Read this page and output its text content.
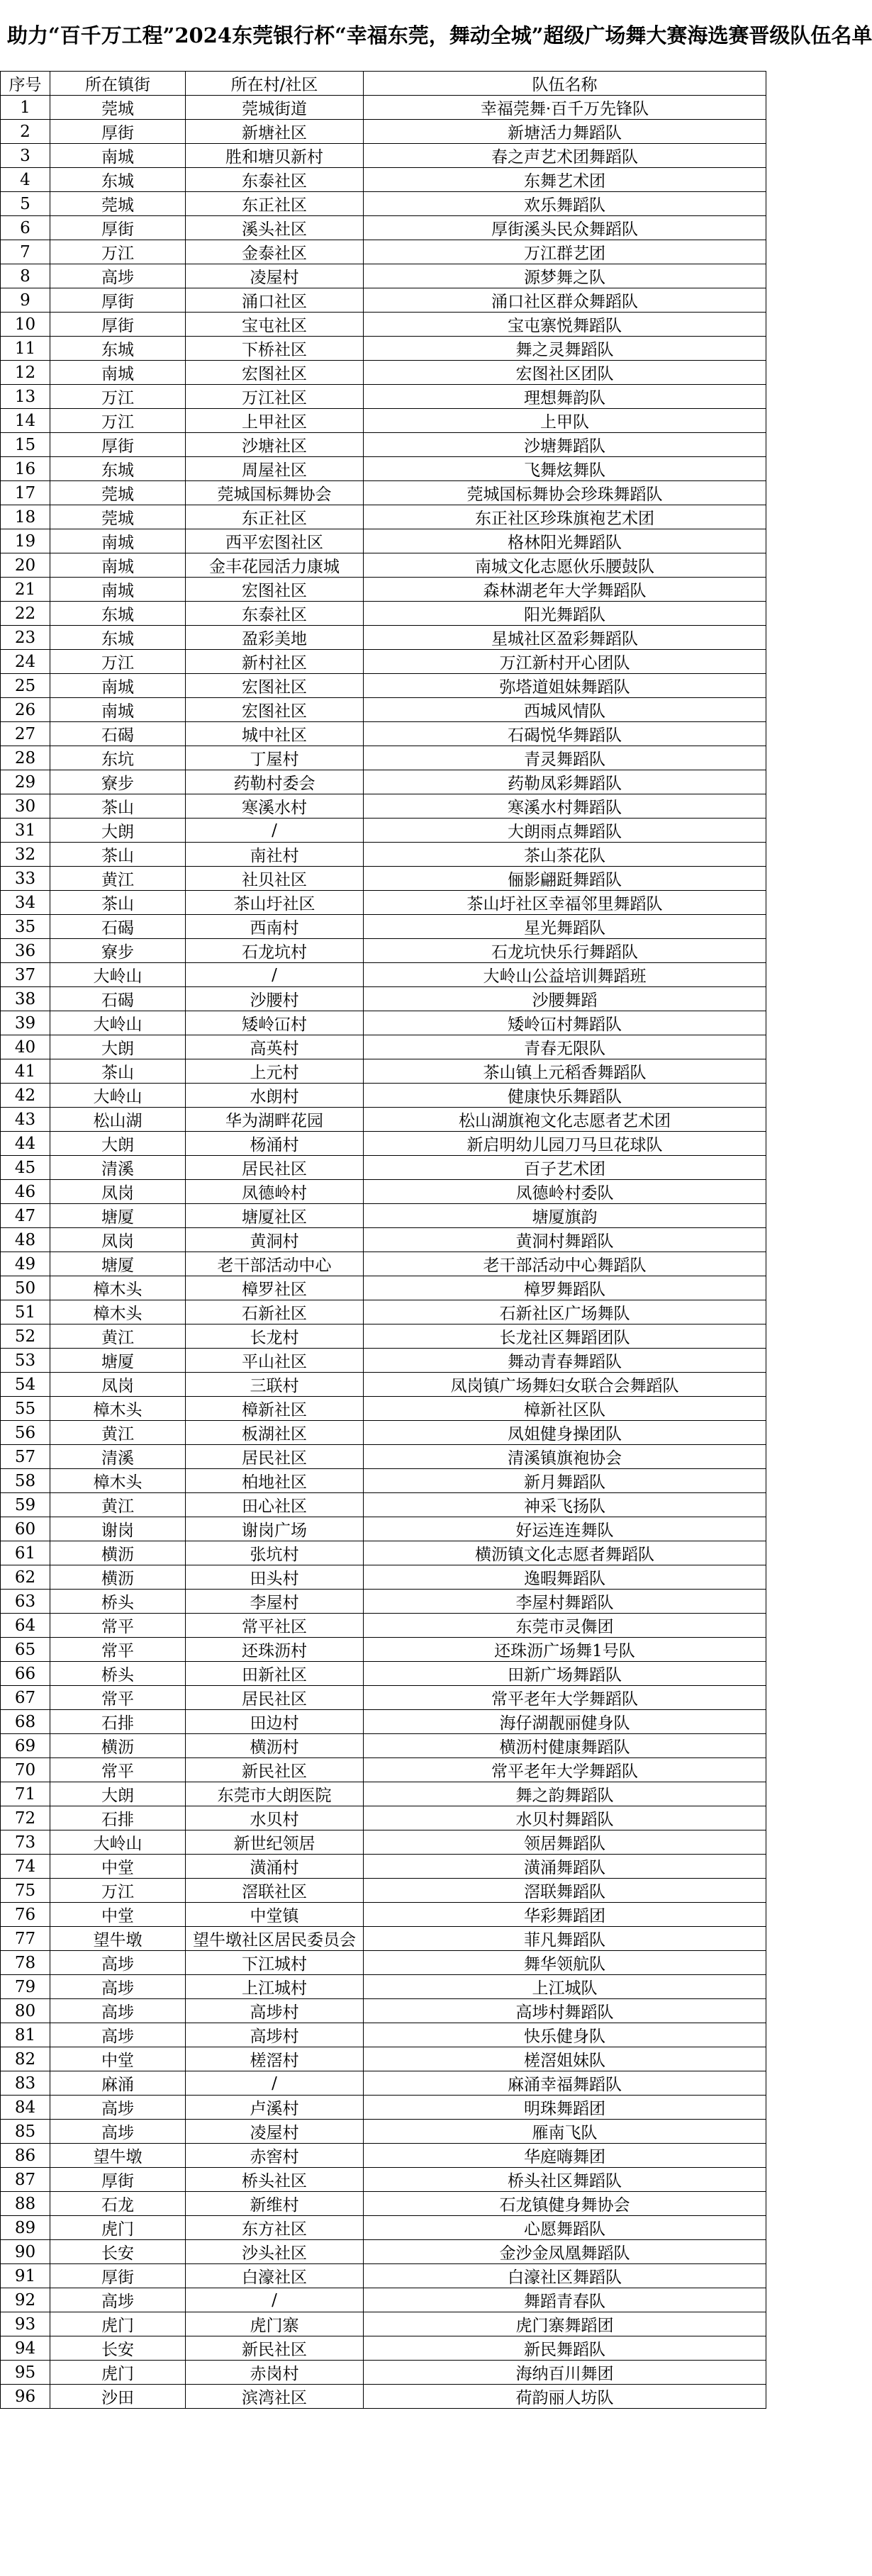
助力“百千万工程”2024东莞银行杯“幸福东莞，舞动全城”超级广场舞大赛海选赛晋级队伍名单
序号	所在镇街	所在村/社区	队伍名称
1	莞城	莞城街道	幸福莞舞·百千万先锋队
2	厚街	新塘社区	新塘活力舞蹈队
3	南城	胜和塘贝新村	春之声艺术团舞蹈队
4	东城	东泰社区	东舞艺术团
5	莞城	东正社区	欢乐舞蹈队
6	厚街	溪头社区	厚街溪头民众舞蹈队
7	万江	金泰社区	万江群艺团
8	高埗	凌屋村	源梦舞之队
9	厚街	涌口社区	涌口社区群众舞蹈队
10	厚街	宝屯社区	宝屯寨悦舞蹈队
11	东城	下桥社区	舞之灵舞蹈队
12	南城	宏图社区	宏图社区团队
13	万江	万江社区	理想舞韵队
14	万江	上甲社区	上甲队
15	厚街	沙塘社区	沙塘舞蹈队
16	东城	周屋社区	飞舞炫舞队
17	莞城	莞城国标舞协会	莞城国标舞协会珍珠舞蹈队
18	莞城	东正社区	东正社区珍珠旗袍艺术团
19	南城	西平宏图社区	格林阳光舞蹈队
20	南城	金丰花园活力康城	南城文化志愿伙乐腰鼓队
21	南城	宏图社区	森林湖老年大学舞蹈队
22	东城	东泰社区	阳光舞蹈队
23	东城	盈彩美地	星城社区盈彩舞蹈队
24	万江	新村社区	万江新村开心团队
25	南城	宏图社区	弥塔道姐妹舞蹈队
26	南城	宏图社区	西城风情队
27	石碣	城中社区	石碣悦华舞蹈队
28	东坑	丁屋村	青灵舞蹈队
29	寮步	药勒村委会	药勒凤彩舞蹈队
30	茶山	寒溪水村	寒溪水村舞蹈队
31	大朗	/	大朗雨点舞蹈队
32	茶山	南社村	茶山茶花队
33	黄江	社贝社区	俪影翩跹舞蹈队
34	茶山	茶山圩社区	茶山圩社区幸福邻里舞蹈队
35	石碣	西南村	星光舞蹈队
36	寮步	石龙坑村	石龙坑快乐行舞蹈队
37	大岭山	/	大岭山公益培训舞蹈班
38	石碣	沙腰村	沙腰舞蹈
39	大岭山	矮岭冚村	矮岭冚村舞蹈队
40	大朗	高英村	青春无限队
41	茶山	上元村	茶山镇上元稻香舞蹈队
42	大岭山	水朗村	健康快乐舞蹈队
43	松山湖	华为湖畔花园	松山湖旗袍文化志愿者艺术团
44	大朗	杨涌村	新启明幼儿园刀马旦花球队
45	清溪	居民社区	百子艺术团
46	凤岗	凤德岭村	凤德岭村委队
47	塘厦	塘厦社区	塘厦旗韵
48	凤岗	黄洞村	黄洞村舞蹈队
49	塘厦	老干部活动中心	老干部活动中心舞蹈队
50	樟木头	樟罗社区	樟罗舞蹈队
51	樟木头	石新社区	石新社区广场舞队
52	黄江	长龙村	长龙社区舞蹈团队
53	塘厦	平山社区	舞动青春舞蹈队
54	凤岗	三联村	凤岗镇广场舞妇女联合会舞蹈队
55	樟木头	樟新社区	樟新社区队
56	黄江	板湖社区	凤姐健身操团队
57	清溪	居民社区	清溪镇旗袍协会
58	樟木头	柏地社区	新月舞蹈队
59	黄江	田心社区	神采飞扬队
60	谢岗	谢岗广场	好运连连舞队
61	横沥	张坑村	横沥镇文化志愿者舞蹈队
62	横沥	田头村	逸暇舞蹈队
63	桥头	李屋村	李屋村舞蹈队
64	常平	常平社区	东莞市灵儛团
65	常平	还珠沥村	还珠沥广场舞1号队
66	桥头	田新社区	田新广场舞蹈队
67	常平	居民社区	常平老年大学舞蹈队
68	石排	田边村	海仔湖靓丽健身队
69	横沥	横沥村	横沥村健康舞蹈队
70	常平	新民社区	常平老年大学舞蹈队
71	大朗	东莞市大朗医院	舞之韵舞蹈队
72	石排	水贝村	水贝村舞蹈队
73	大岭山	新世纪领居	领居舞蹈队
74	中堂	潢涌村	潢涌舞蹈队
75	万江	滘联社区	滘联舞蹈队
76	中堂	中堂镇	华彩舞蹈团
77	望牛墩	望牛墩社区居民委员会	菲凡舞蹈队
78	高埗	下江城村	舞华领航队
79	高埗	上江城村	上江城队
80	高埗	高埗村	高埗村舞蹈队
81	高埗	高埗村	快乐健身队
82	中堂	槎滘村	槎滘姐妹队
83	麻涌	/	麻涌幸福舞蹈队
84	高埗	卢溪村	明珠舞蹈团
85	高埗	凌屋村	雁南飞队
86	望牛墩	赤窖村	华庭嗨舞团
87	厚街	桥头社区	桥头社区舞蹈队
88	石龙	新维村	石龙镇健身舞协会
89	虎门	东方社区	心愿舞蹈队
90	长安	沙头社区	金沙金凤凰舞蹈队
91	厚街	白濠社区	白濠社区舞蹈队
92	高埗	/	舞蹈青春队
93	虎门	虎门寨	虎门寨舞蹈团
94	长安	新民社区	新民舞蹈队
95	虎门	赤岗村	海纳百川舞团
96	沙田	滨湾社区	荷韵丽人坊队
